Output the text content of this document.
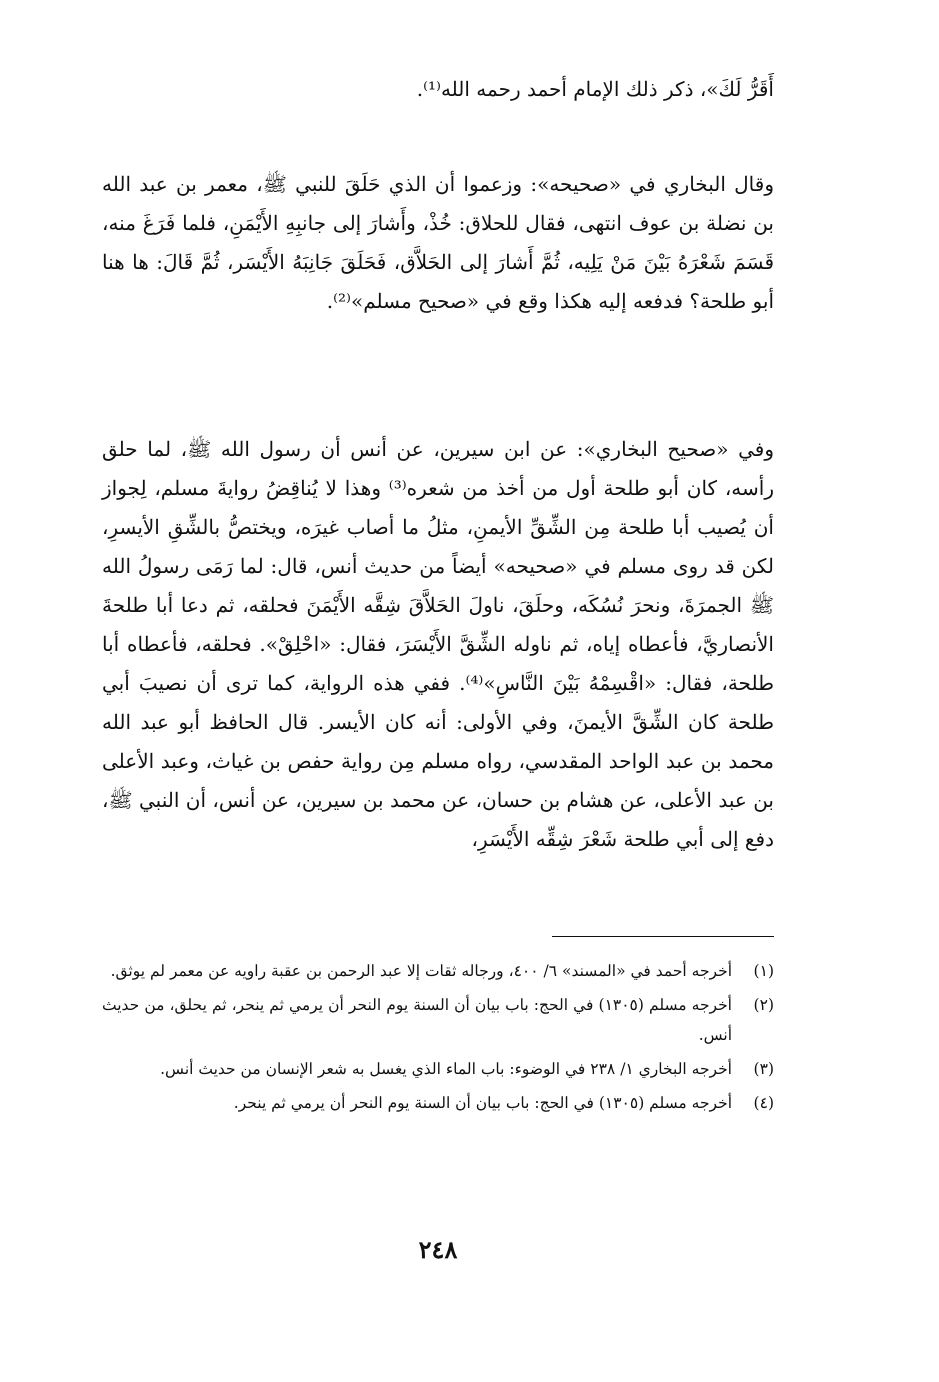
أَقَرُّ لَكَ»، ذكر ذلك الإمام أحمد رحمه الله⁽¹⁾.

وقال البخاري في «صحيحه»: وزعموا أن الذي حَلَقَ للنبي ﷺ، معمر بن عبد الله بن نضلة بن عوف انتهى، فقال للحلاق: خُذْ، وأَشارَ إلى جانبِهِ الأَيْمَنِ، فلما فَرَغَ منه، قَسَمَ شَعْرَهُ بَيْنَ مَنْ يَلِيه، ثُمَّ أَشارَ إلى الحَلاَّق، فَحَلَقَ جَانِبَهُ الأَيْسَر، ثُمَّ قَالَ: ها هنا أبو طلحة؟ فدفعه إليه هكذا وقع في «صحيح مسلم»⁽²⁾.

وفي «صحيح البخاري»: عن ابن سيرين، عن أنس أن رسول الله ﷺ، لما حلق رأسه، كان أبو طلحة أول من أخذ من شعره⁽³⁾ وهذا لا يُناقِضُ روايةَ مسلم، لِجواز أن يُصيب أبا طلحة مِن الشِّقِّ الأيمنِ، مثلُ ما أصاب غيرَه، ويختصُّ بالشِّقِ الأيسرِ، لكن قد روى مسلم في «صحيحه» أيضاً من حديث أنس، قال: لما رَمَى رسولُ الله ﷺ الجمرَةَ، ونحرَ نُسُكَه، وحلَقَ، ناولَ الحَلاَّقَ شِقَّه الأَيْمَنَ فحلقه، ثم دعا أبا طلحةَ الأنصاريَّ، فأعطاه إياه، ثم ناوله الشِّقَّ الأَيْسَرَ، فقال: «احْلِقْ». فحلقه، فأعطاه أبا طلحة، فقال: «اقْسِمْهُ بَيْنَ النَّاسِ»⁽⁴⁾. ففي هذه الرواية، كما ترى أن نصيبَ أبي طلحة كان الشِّقَّ الأيمنَ، وفي الأولى: أنه كان الأيسر. قال الحافظ أبو عبد الله محمد بن عبد الواحد المقدسي، رواه مسلم مِن رواية حفص بن غياث، وعبد الأعلى بن عبد الأعلى، عن هشام بن حسان، عن محمد بن سيرين، عن أنس، أن النبي ﷺ، دفع إلى أبي طلحة شَعْرَ شِقِّه الأَيْسَرِ،

(١)
أخرجه أحمد في «المسند» ٦/ ٤٠٠، ورجاله ثقات إلا عبد الرحمن بن عقبة راويه عن معمر لم يوثق.
(٢)
أخرجه مسلم (١٣٠٥) في الحج: باب بيان أن السنة يوم النحر أن يرمي ثم ينحر، ثم يحلق، من حديث أنس.
(٣)
أخرجه البخاري ١/ ٢٣٨ في الوضوء: باب الماء الذي يغسل به شعر الإنسان من حديث أنس.
(٤)
أخرجه مسلم (١٣٠٥) في الحج: باب بيان أن السنة يوم النحر أن يرمي ثم ينحر.
٢٤٨
